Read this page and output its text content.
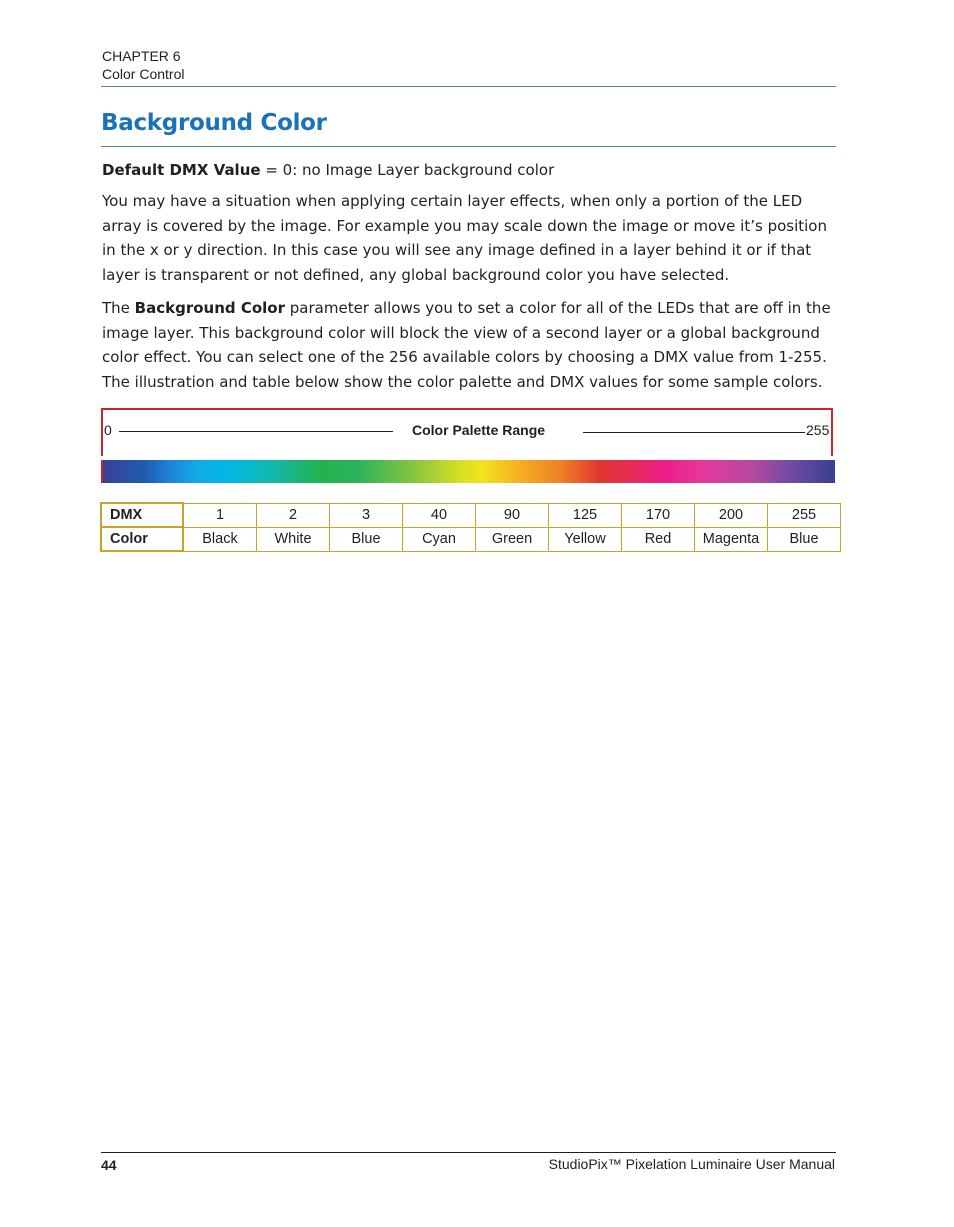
CHAPTER 6
Color Control
Background Color

Default DMX Value = 0: no Image Layer background color

You may have a situation when applying certain layer effects, when only a portion of the LED array is covered by the image. For example you may scale down the image or move it’s position in the x or y direction. In this case you will see any image defined in a layer behind it or if that layer is transparent or not defined, any global background color you have selected.

The Background Color parameter allows you to set a color for all of the LEDs that are off in the image layer. This background color will block the view of a second layer or a global background color effect. You can select one of the 256 available colors by choosing a DMX value from 1-255. The illustration and table below show the color palette and DMX values for some sample colors.

0	Color Palette Range	255
DMX	1	2	3	40	90	125	170	200	255
Color	Black	White	Blue	Cyan	Green	Yellow	Red	Magenta	Blue
44	StudioPix™ Pixelation Luminaire User Manual
